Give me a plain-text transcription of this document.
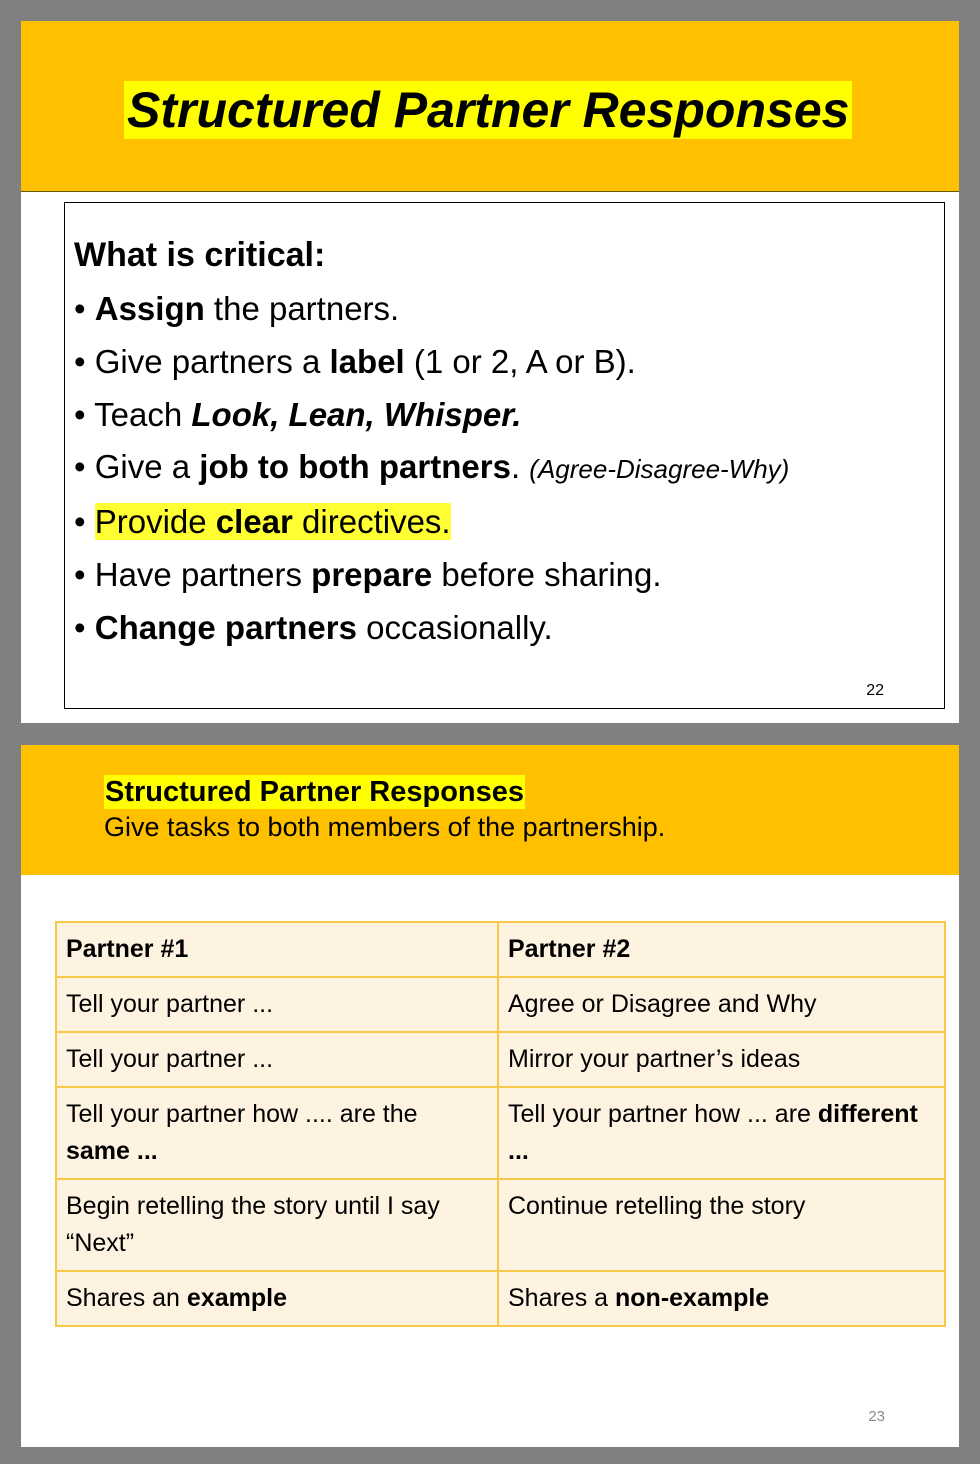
Structured Partner Responses

What is critical:

• Assign the partners.
• Give partners a label (1 or 2, A or B).
• Teach Look, Lean, Whisper.
• Give a job to both partners. (Agree-Disagree-Why)
• Provide clear directives.
• Have partners prepare before sharing.
• Change partners occasionally.
22
Structured Partner Responses
Give tasks to both members of the partnership.
Partner #1	Partner #2
Tell your partner ...	Agree or Disagree and Why
Tell your partner ...	Mirror your partner’s ideas
Tell your partner how .... are the same ...	Tell your partner how ... are different ...
Begin retelling the story until I say “Next”	Continue retelling the story
Shares an example	Shares a non-example
23
